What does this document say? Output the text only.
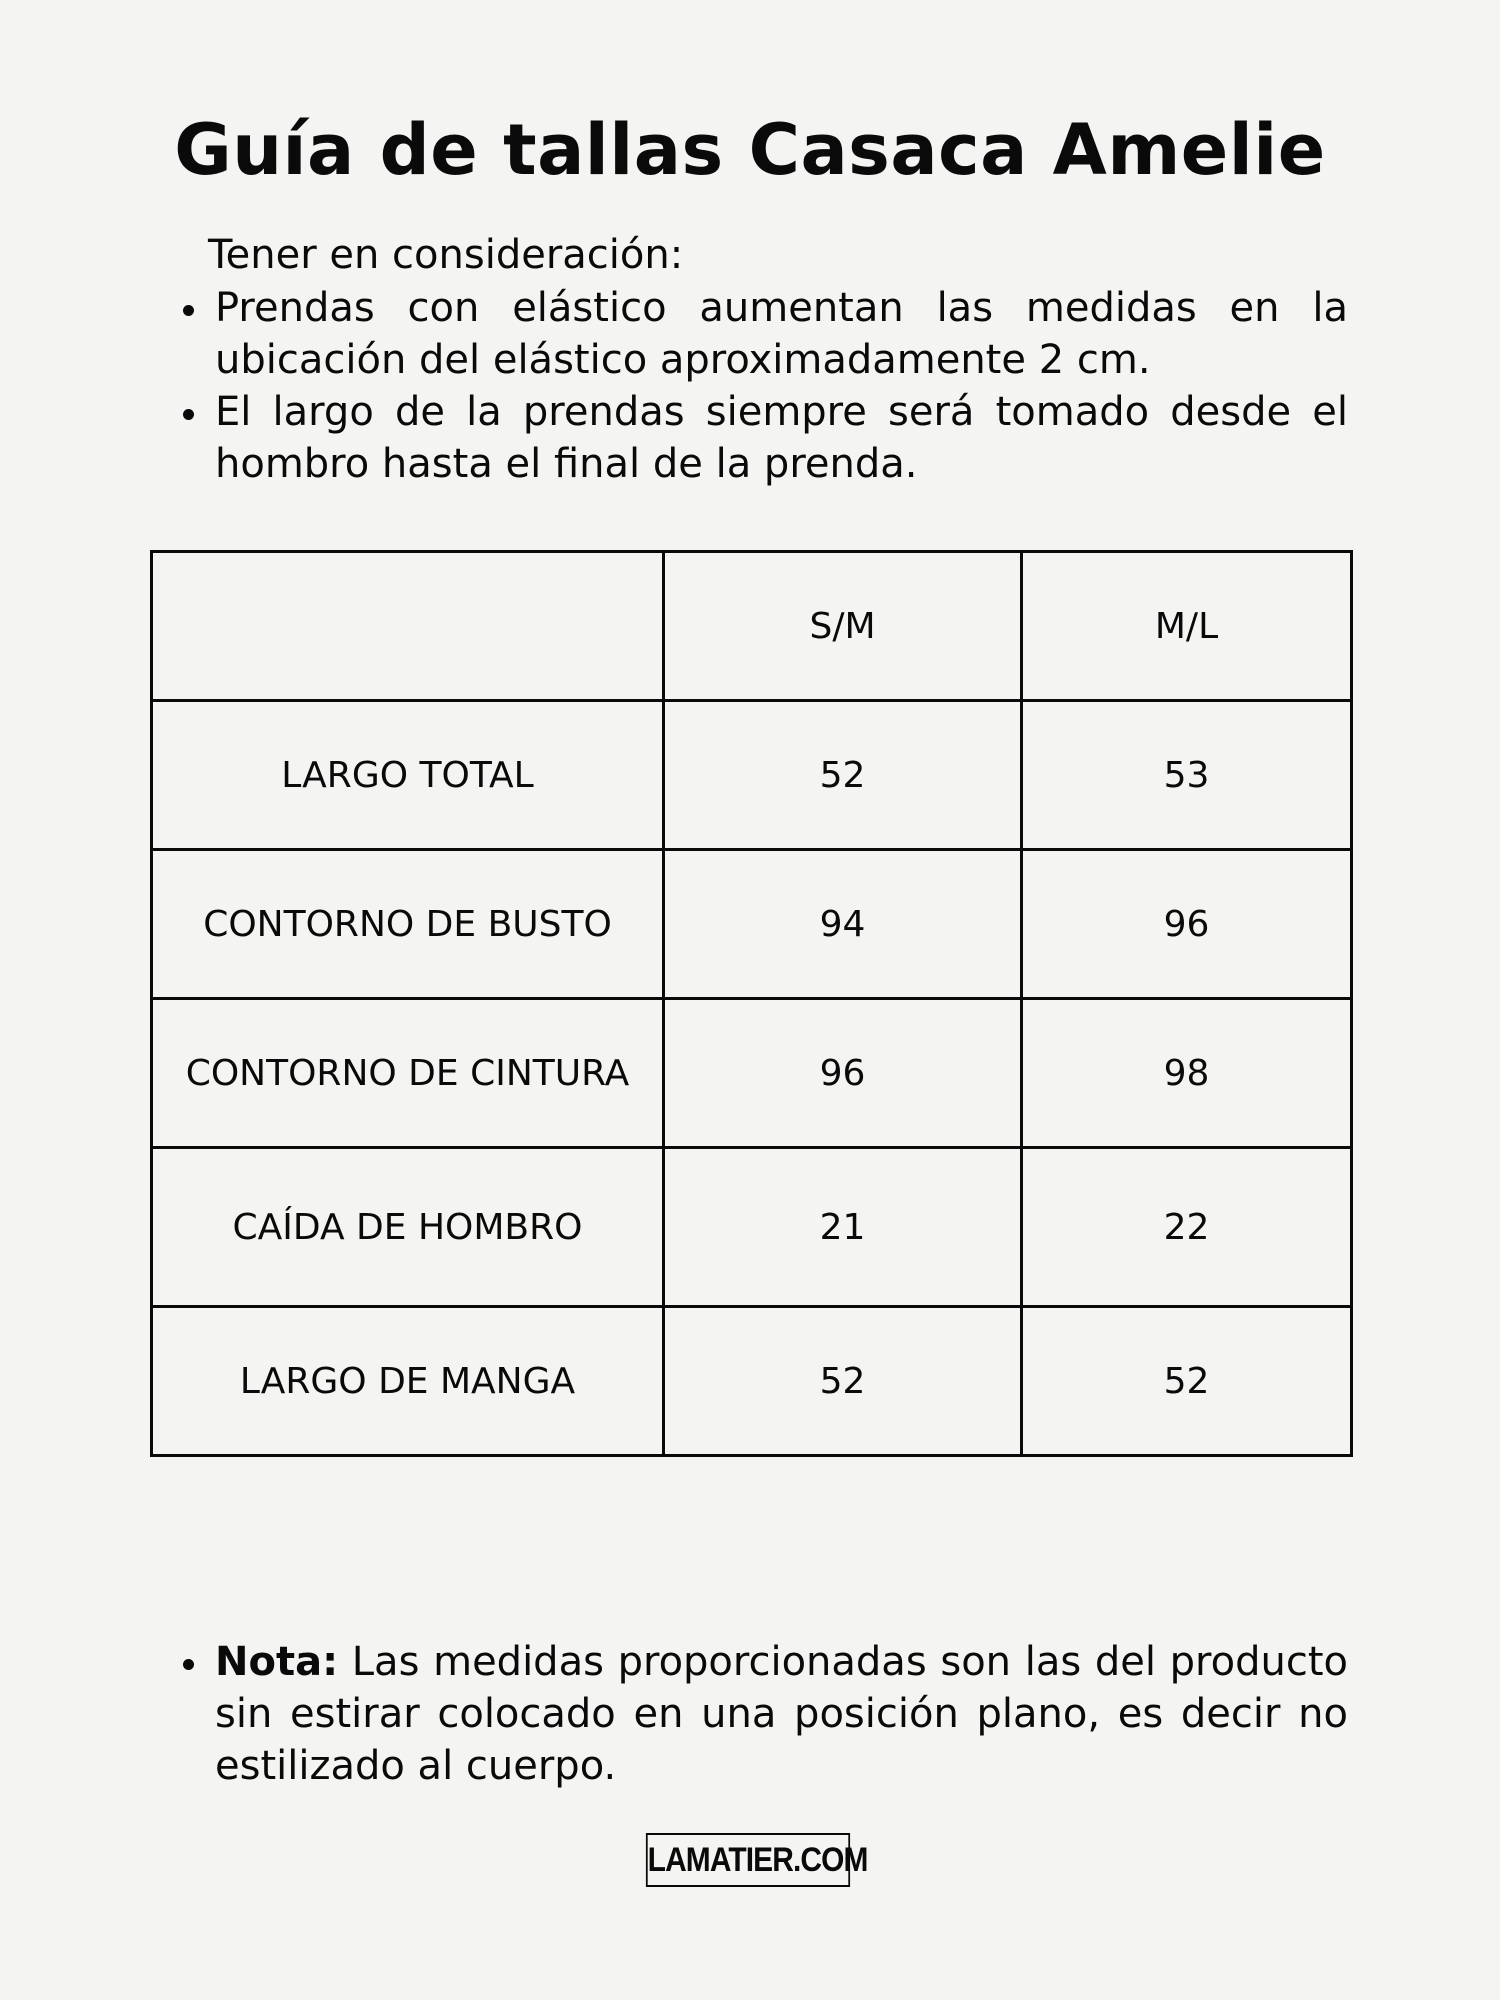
Guía de tallas Casaca Amelie
Tener en consideración:
Prendas con elástico aumentan las medidas en la ubicación del elástico aproximadamente 2 cm.
El largo de la prendas siempre será tomado desde el hombro hasta el final de la prenda.
	S/M	M/L
LARGO TOTAL	52	53
CONTORNO DE BUSTO	94	96
CONTORNO DE CINTURA	96	98
CAÍDA DE HOMBRO	21	22
LARGO DE MANGA	52	52
Nota: Las medidas proporcionadas son las del producto sin estirar colocado en una posición plano, es decir no estilizado al cuerpo.
LAMATIER.COM
